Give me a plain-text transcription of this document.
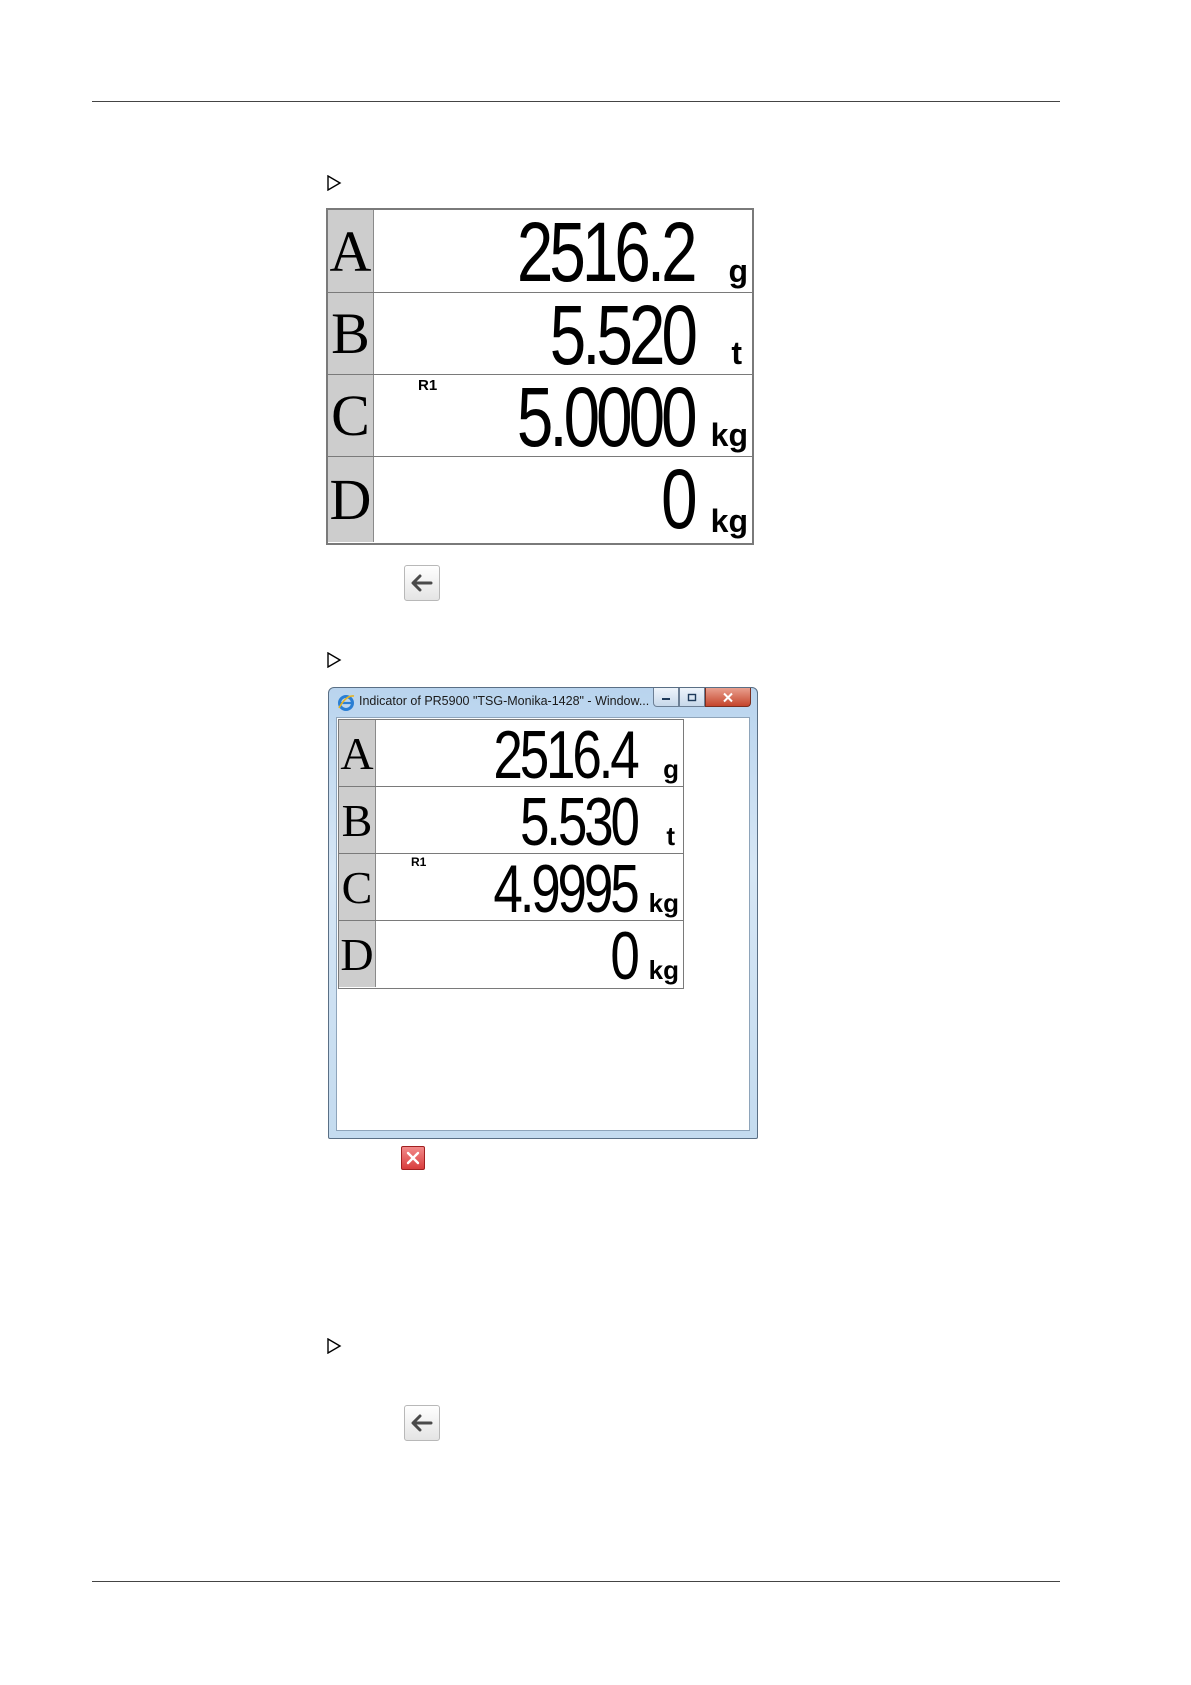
A 2516.2 g
B 5.520 t
C	R1 5.0000 kg
D	0 kg
Indicator of PR5900 "TSG-Monika-1428" - Window...
A 2516.4 g
B 5.530 t
C	R1 4.9995 kg
D	0 kg
